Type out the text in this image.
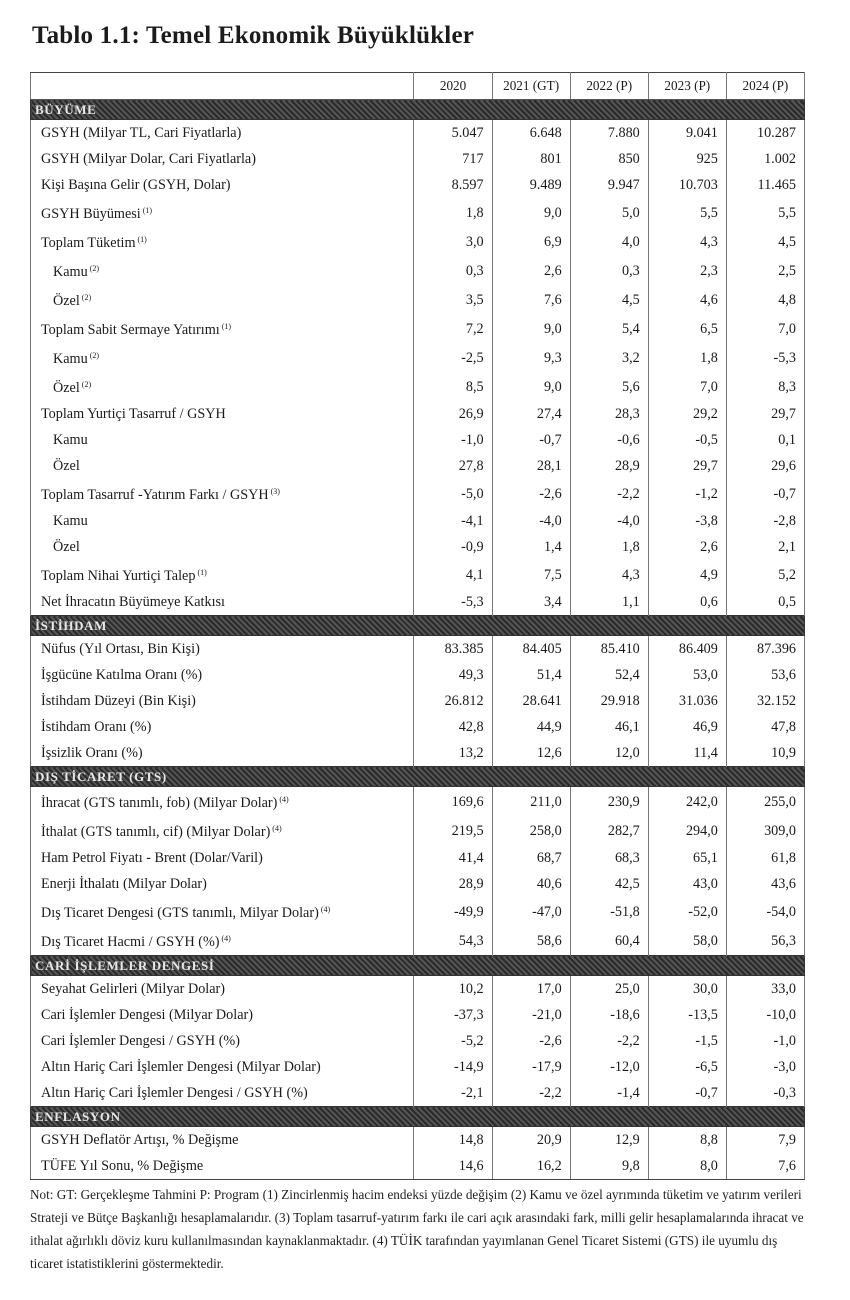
Tablo 1.1: Temel Ekonomik Büyüklükler
	2020	2021 (GT)	2022 (P)	2023 (P)	2024 (P)
BÜYÜME					
GSYH (Milyar TL, Cari Fiyatlarla)	5.047	6.648	7.880	9.041	10.287
GSYH (Milyar Dolar, Cari Fiyatlarla)	717	801	850	925	1.002
Kişi Başına Gelir (GSYH, Dolar)	8.597	9.489	9.947	10.703	11.465
GSYH Büyümesi $^{(1)}$	1,8	9,0	5,0	5,5	5,5
Toplam Tüketim $^{(1)}$	3,0	6,9	4,0	4,3	4,5
Kamu $^{(2)}$	0,3	2,6	0,3	2,3	2,5
Özel $^{(2)}$	3,5	7,6	4,5	4,6	4,8
Toplam Sabit Sermaye Yatırımı $^{(1)}$	7,2	9,0	5,4	6,5	7,0
Kamu $^{(2)}$	-2,5	9,3	3,2	1,8	-5,3
Özel $^{(2)}$	8,5	9,0	5,6	7,0	8,3
Toplam Yurtiçi Tasarruf / GSYH	26,9	27,4	28,3	29,2	29,7
Kamu	-1,0	-0,7	-0,6	-0,5	0,1
Özel	27,8	28,1	28,9	29,7	29,6
Toplam Tasarruf -Yatırım Farkı / GSYH $^{(3)}$	-5,0	-2,6	-2,2	-1,2	-0,7
Kamu	-4,1	-4,0	-4,0	-3,8	-2,8
Özel	-0,9	1,4	1,8	2,6	2,1
Toplam Nihai Yurtiçi Talep $^{(1)}$	4,1	7,5	4,3	4,9	5,2
Net İhracatın Büyümeye Katkısı	-5,3	3,4	1,1	0,6	0,5
İSTİHDAM					
Nüfus (Yıl Ortası, Bin Kişi)	83.385	84.405	85.410	86.409	87.396
İşgücüne Katılma Oranı (%)	49,3	51,4	52,4	53,0	53,6
İstihdam Düzeyi (Bin Kişi)	26.812	28.641	29.918	31.036	32.152
İstihdam Oranı (%)	42,8	44,9	46,1	46,9	47,8
İşsizlik Oranı (%)	13,2	12,6	12,0	11,4	10,9
DIŞ TİCARET (GTS)					
İhracat (GTS tanımlı, fob) (Milyar Dolar) $^{(4)}$	169,6	211,0	230,9	242,0	255,0
İthalat (GTS tanımlı, cif) (Milyar Dolar) $^{(4)}$	219,5	258,0	282,7	294,0	309,0
Ham Petrol Fiyatı - Brent (Dolar/Varil)	41,4	68,7	68,3	65,1	61,8
Enerji İthalatı (Milyar Dolar)	28,9	40,6	42,5	43,0	43,6
Dış Ticaret Dengesi (GTS tanımlı, Milyar Dolar) $^{(4)}$	-49,9	-47,0	-51,8	-52,0	-54,0
Dış Ticaret Hacmi / GSYH (%) $^{(4)}$	54,3	58,6	60,4	58,0	56,3
CARİ İŞLEMLER DENGESİ					
Seyahat Gelirleri (Milyar Dolar)	10,2	17,0	25,0	30,0	33,0
Cari İşlemler Dengesi (Milyar Dolar)	-37,3	-21,0	-18,6	-13,5	-10,0
Cari İşlemler Dengesi / GSYH (%)	-5,2	-2,6	-2,2	-1,5	-1,0
Altın Hariç Cari İşlemler Dengesi (Milyar Dolar)	-14,9	-17,9	-12,0	-6,5	-3,0
Altın Hariç Cari İşlemler Dengesi / GSYH (%)	-2,1	-2,2	-1,4	-0,7	-0,3
ENFLASYON					
GSYH Deflatör Artışı, % Değişme	14,8	20,9	12,9	8,8	7,9
TÜFE Yıl Sonu, % Değişme	14,6	16,2	9,8	8,0	7,6
Not: GT: Gerçekleşme Tahmini P: Program (1) Zincirlenmiş hacim endeksi yüzde değişim (2) Kamu ve özel ayrımında tüketim ve yatırım verileri Strateji ve Bütçe Başkanlığı hesaplamalarıdır. (3) Toplam tasarruf-yatırım farkı ile cari açık arasındaki fark, milli gelir hesaplamalarında ihracat ve ithalat ağırlıklı döviz kuru kullanılmasından kaynaklanmaktadır. (4) TÜİK tarafından yayımlanan Genel Ticaret Sistemi (GTS) ile uyumlu dış ticaret istatistiklerini göstermektedir.
